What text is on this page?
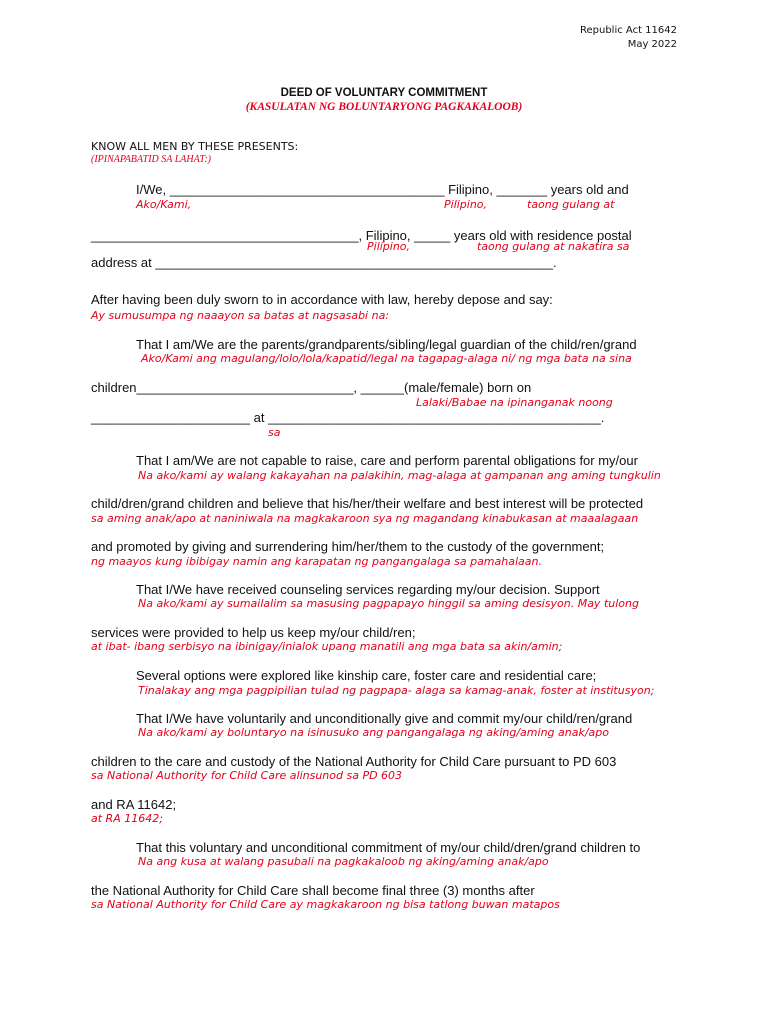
Republic Act 11642
May 2022
DEED OF VOLUNTARY COMMITMENT
(KASULATAN NG BOLUNTARYONG PAGKAKALOOB)
KNOW ALL MEN BY THESE PRESENTS:
(IPINAPABATID SA LAHAT:)
I/We, ______________________________________ Filipino, _______ years old and
Ako/Kami,	Pilipino,	taong gulang at
_____________________________________, Filipino, _____ years old with residence postal
Pilipino,	taong gulang at nakatira sa
address at _______________________________________________________.
After having been duly sworn to in accordance with law, hereby depose and say:
Ay sumusumpa ng naaayon sa batas at nagsasabi na:
That I am/We are the parents/grandparents/sibling/legal guardian of the child/ren/grand
Ako/Kami ang magulang/lolo/lola/kapatid/legal na tagapag-alaga ni/ ng mga bata na sina
children______________________________, ______(male/female) born on
Lalaki/Babae na ipinanganak noong
______________________ at ______________________________________________.
sa
That I am/We are not capable to raise, care and perform parental obligations for my/our
Na ako/kami ay walang kakayahan na palakihin, mag-alaga at gampanan ang aming tungkulin
child/dren/grand children and believe that his/her/their welfare and best interest will be protected
sa aming anak/apo at naniniwala na magkakaroon sya ng magandang kinabukasan at maaalagaan
and promoted by giving and surrendering him/her/them to the custody of the government;
ng maayos kung ibibigay namin ang karapatan ng pangangalaga sa pamahalaan.
That I/We have received counseling services regarding my/our decision. Support
Na ako/kami ay sumailalim sa masusing pagpapayo hinggil sa aming desisyon. May tulong
services were provided to help us keep my/our child/ren;
at ibat- ibang serbisyo na ibinigay/inialok upang manatili ang mga bata sa akin/amin;
Several options were explored like kinship care, foster care and residential care;
Tinalakay ang mga pagpipilian tulad ng pagpapa- alaga sa kamag-anak, foster at institusyon;
That I/We have voluntarily and unconditionally give and commit my/our child/ren/grand
Na ako/kami ay boluntaryo na isinusuko ang pangangalaga ng aking/aming anak/apo
children to the care and custody of the National Authority for Child Care pursuant to PD 603
sa National Authority for Child Care alinsunod sa PD 603
and RA 11642;
at RA 11642;
That this voluntary and unconditional commitment of my/our child/dren/grand children to
Na ang kusa at walang pasubali na pagkakaloob ng aking/aming anak/apo
the National Authority for Child Care shall become final three (3) months after
sa National Authority for Child Care ay magkakaroon ng bisa tatlong buwan matapos
